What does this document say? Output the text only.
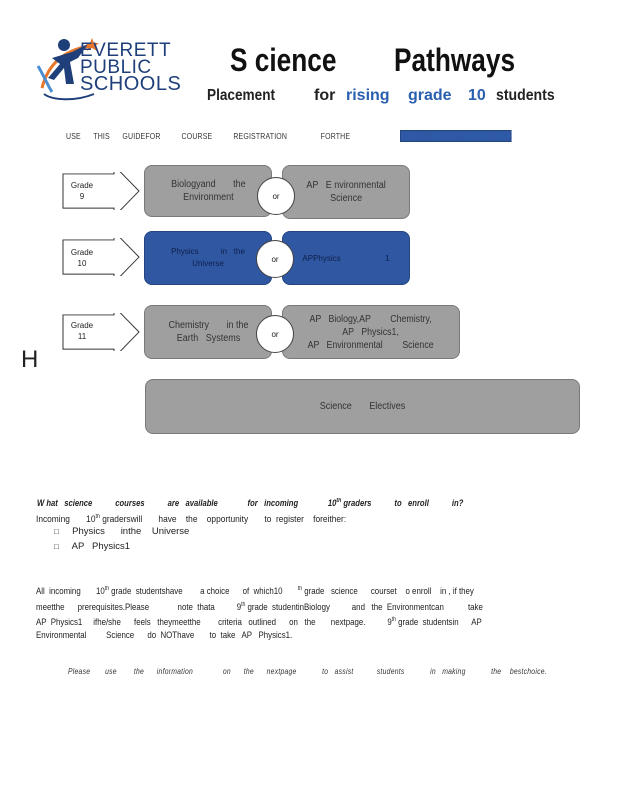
EVERETT
PUBLIC
SCHOOLS
S cience Pathways
Placement for rising grade 10 students
USE      THIS      GUIDEFOR          COURSE          REGISTRATION                FORTHE	202    4 - 202    5  SCHOOLYEAR
Grade
9
Biologyand       the
Environment
AP   E nvironmental
Science
or
Grade
10
Physics          in   the
Universe
APPhysics                    1
or
Grade
11
Chemistry       in the
Earth   Systems
AP   Biology,AP        Chemistry,
AP   Physics1,
AP   Environmental        Science
or
H
Science       Electives
W hat   science	courses	are   available	for   incoming	10th graders	to   enroll	in?
Incoming       10th graderswill       have    the    opportunity       to  register    foreither:
□ Physics      inthe    Universe
□ AP   Physics1
All  incoming       10th grade  studentshave        a choice      of  which10       $^{th}$ grade   science      courset    o enroll    in , if they
meetthe      prerequisites.Please             note  thata          9th grade  studentinBiology          and   the  Environmentcan           take
AP  Physics1     ifhe/she      feels   theymeetthe        criteria   outlined      on   the       nextpage.          9th grade  studentsin      AP
Environmental         Science      do  NOThave       to  take   AP   Physics1.
Please       use        the      information              on      the      nextpage            to   assist           students            in   making            the    bestchoice.
